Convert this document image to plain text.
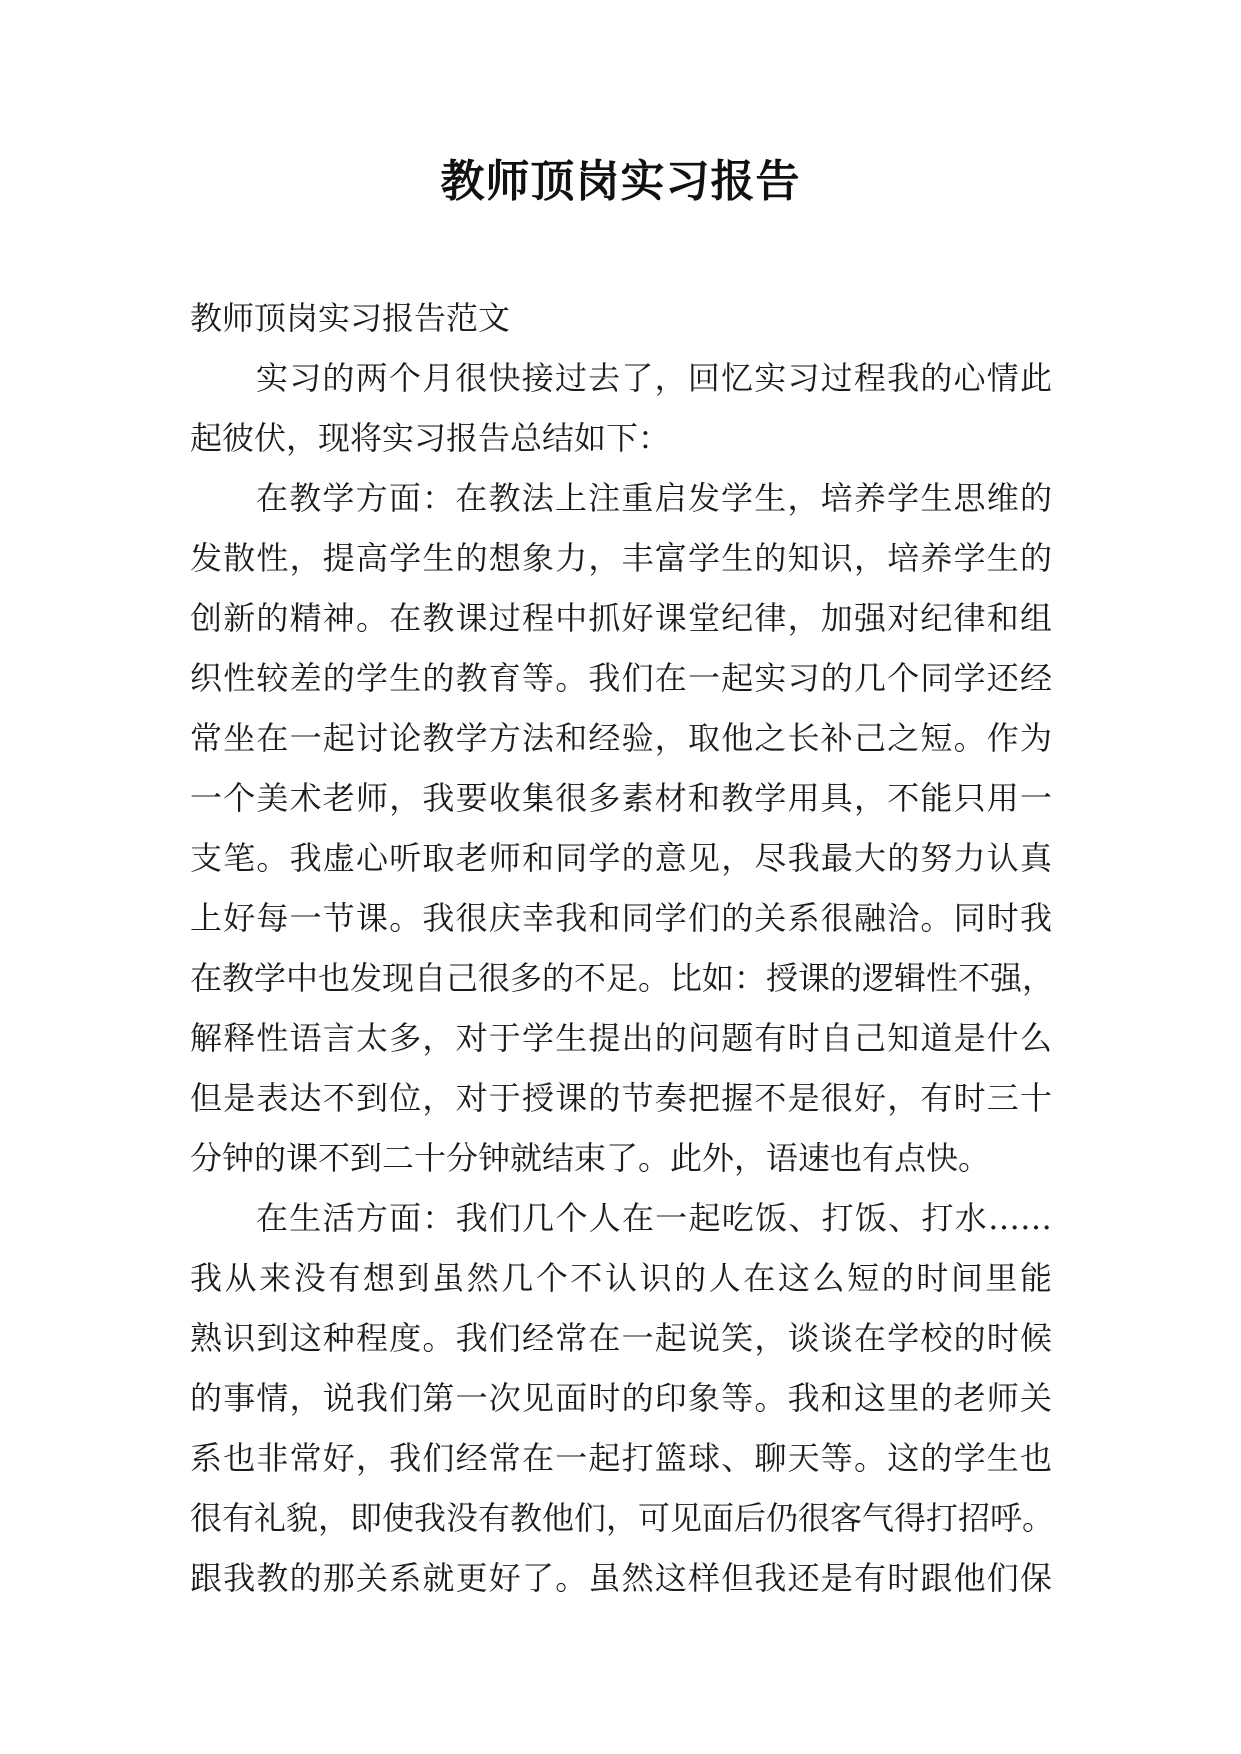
教师顶岗实习报告
教师顶岗实习报告范文
实习的两个月很快接过去了，回忆实习过程我的心情此
起彼伏，现将实习报告总结如下：
在教学方面：在教法上注重启发学生，培养学生思维的
发散性，提高学生的想象力，丰富学生的知识，培养学生的
创新的精神。在教课过程中抓好课堂纪律，加强对纪律和组
织性较差的学生的教育等。我们在一起实习的几个同学还经
常坐在一起讨论教学方法和经验，取他之长补己之短。作为
一个美术老师，我要收集很多素材和教学用具，不能只用一
支笔。我虚心听取老师和同学的意见，尽我最大的努力认真
上好每一节课。我很庆幸我和同学们的关系很融洽。同时我
在教学中也发现自己很多的不足。比如：授课的逻辑性不强，
解释性语言太多，对于学生提出的问题有时自己知道是什么
但是表达不到位，对于授课的节奏把握不是很好，有时三十
分钟的课不到二十分钟就结束了。此外，语速也有点快。
在生活方面：我们几个人在一起吃饭、打饭、打水……
我从来没有想到虽然几个不认识的人在这么短的时间里能
熟识到这种程度。我们经常在一起说笑，谈谈在学校的时候
的事情，说我们第一次见面时的印象等。我和这里的老师关
系也非常好，我们经常在一起打篮球、聊天等。这的学生也
很有礼貌，即使我没有教他们，可见面后仍很客气得打招呼。
跟我教的那关系就更好了。虽然这样但我还是有时跟他们保
